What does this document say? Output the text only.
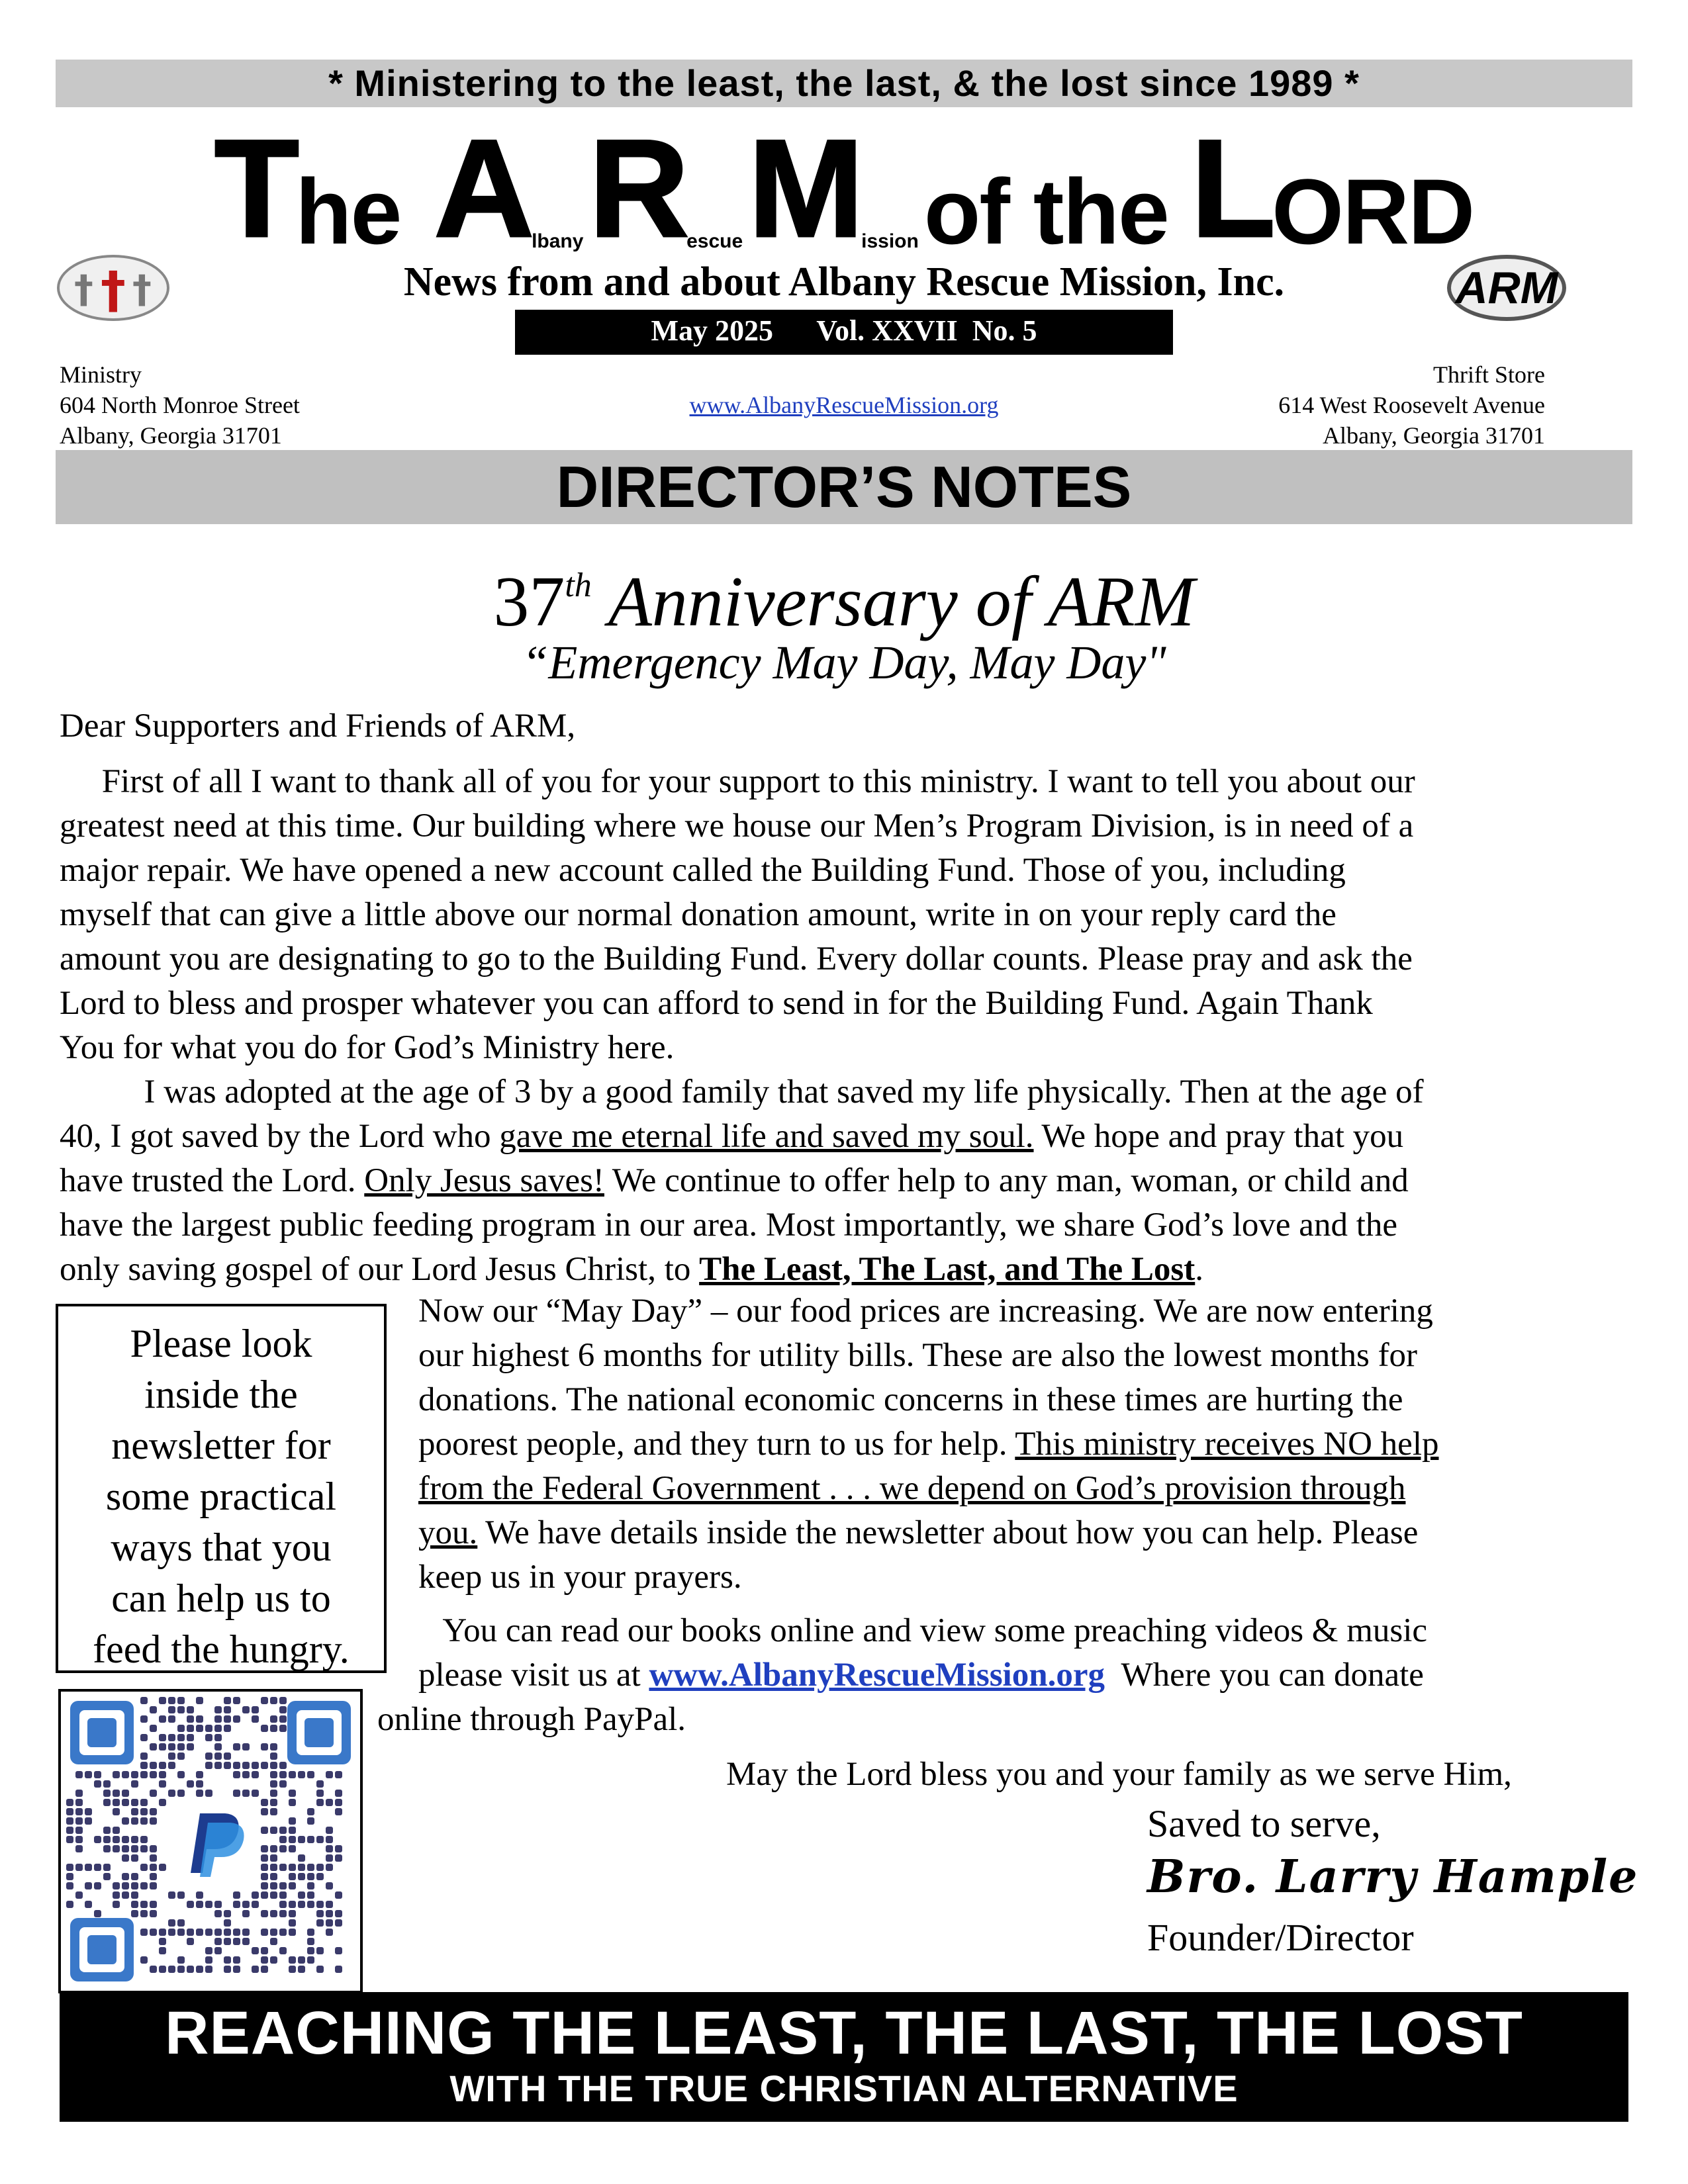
* Ministering to the least, the last, & the lost since 1989 *
The AlbanyRescueMissionof the LORD
† † †	ARM
News from and about Albany Rescue Mission, Inc.
May 2025      Vol. XXVII  No. 5
Ministry
604 North Monroe Street
Albany, Georgia 31701
www.AlbanyRescueMission.org
Thrift Store
614 West Roosevelt Avenue
Albany, Georgia 31701
DIRECTOR’S NOTES
37th Anniversary of ARM
“Emergency May Day, May Day"
Dear Supporters and Friends of ARM,
First of all I want to thank all of you for your support to this ministry. I want to tell you about our
greatest need at this time. Our building where we house our Men’s Program Division, is in need of a
major repair. We have opened a new account called the Building Fund. Those of you, including
myself that can give a little above our normal donation amount, write in on your reply card the
amount you are designating to go to the Building Fund. Every dollar counts. Please pray and ask the
Lord to bless and prosper whatever you can afford to send in for the Building Fund. Again Thank
You for what you do for God’s Ministry here.
I was adopted at the age of 3 by a good family that saved my life physically. Then at the age of
40, I got saved by the Lord who gave me eternal life and saved my soul. We hope and pray that you
have trusted the Lord. Only Jesus saves! We continue to offer help to any man, woman, or child and
have the largest public feeding program in our area. Most importantly, we share God’s love and the
only saving gospel of our Lord Jesus Christ, to The Least, The Last, and The Lost.
Please look
inside the
newsletter for
some practical
ways that you
can help us to
feed the hungry.
Now our “May Day” – our food prices are increasing. We are now entering
our highest 6 months for utility bills. These are also the lowest months for
donations. The national economic concerns in these times are hurting the
poorest people, and they turn to us for help. This ministry receives NO help
from the Federal Government . . . we depend on God’s provision through
you. We have details inside the newsletter about how you can help. Please
keep us in your prayers.
You can read our books online and view some preaching videos & music
please visit us at www.AlbanyRescueMission.org  Where you can donate
online through PayPal.
May the Lord bless you and your family as we serve Him,
Saved to serve,
Bro. Larry Hample
Founder/Director
REACHING THE LEAST, THE LAST, THE LOST
WITH THE TRUE CHRISTIAN ALTERNATIVE
